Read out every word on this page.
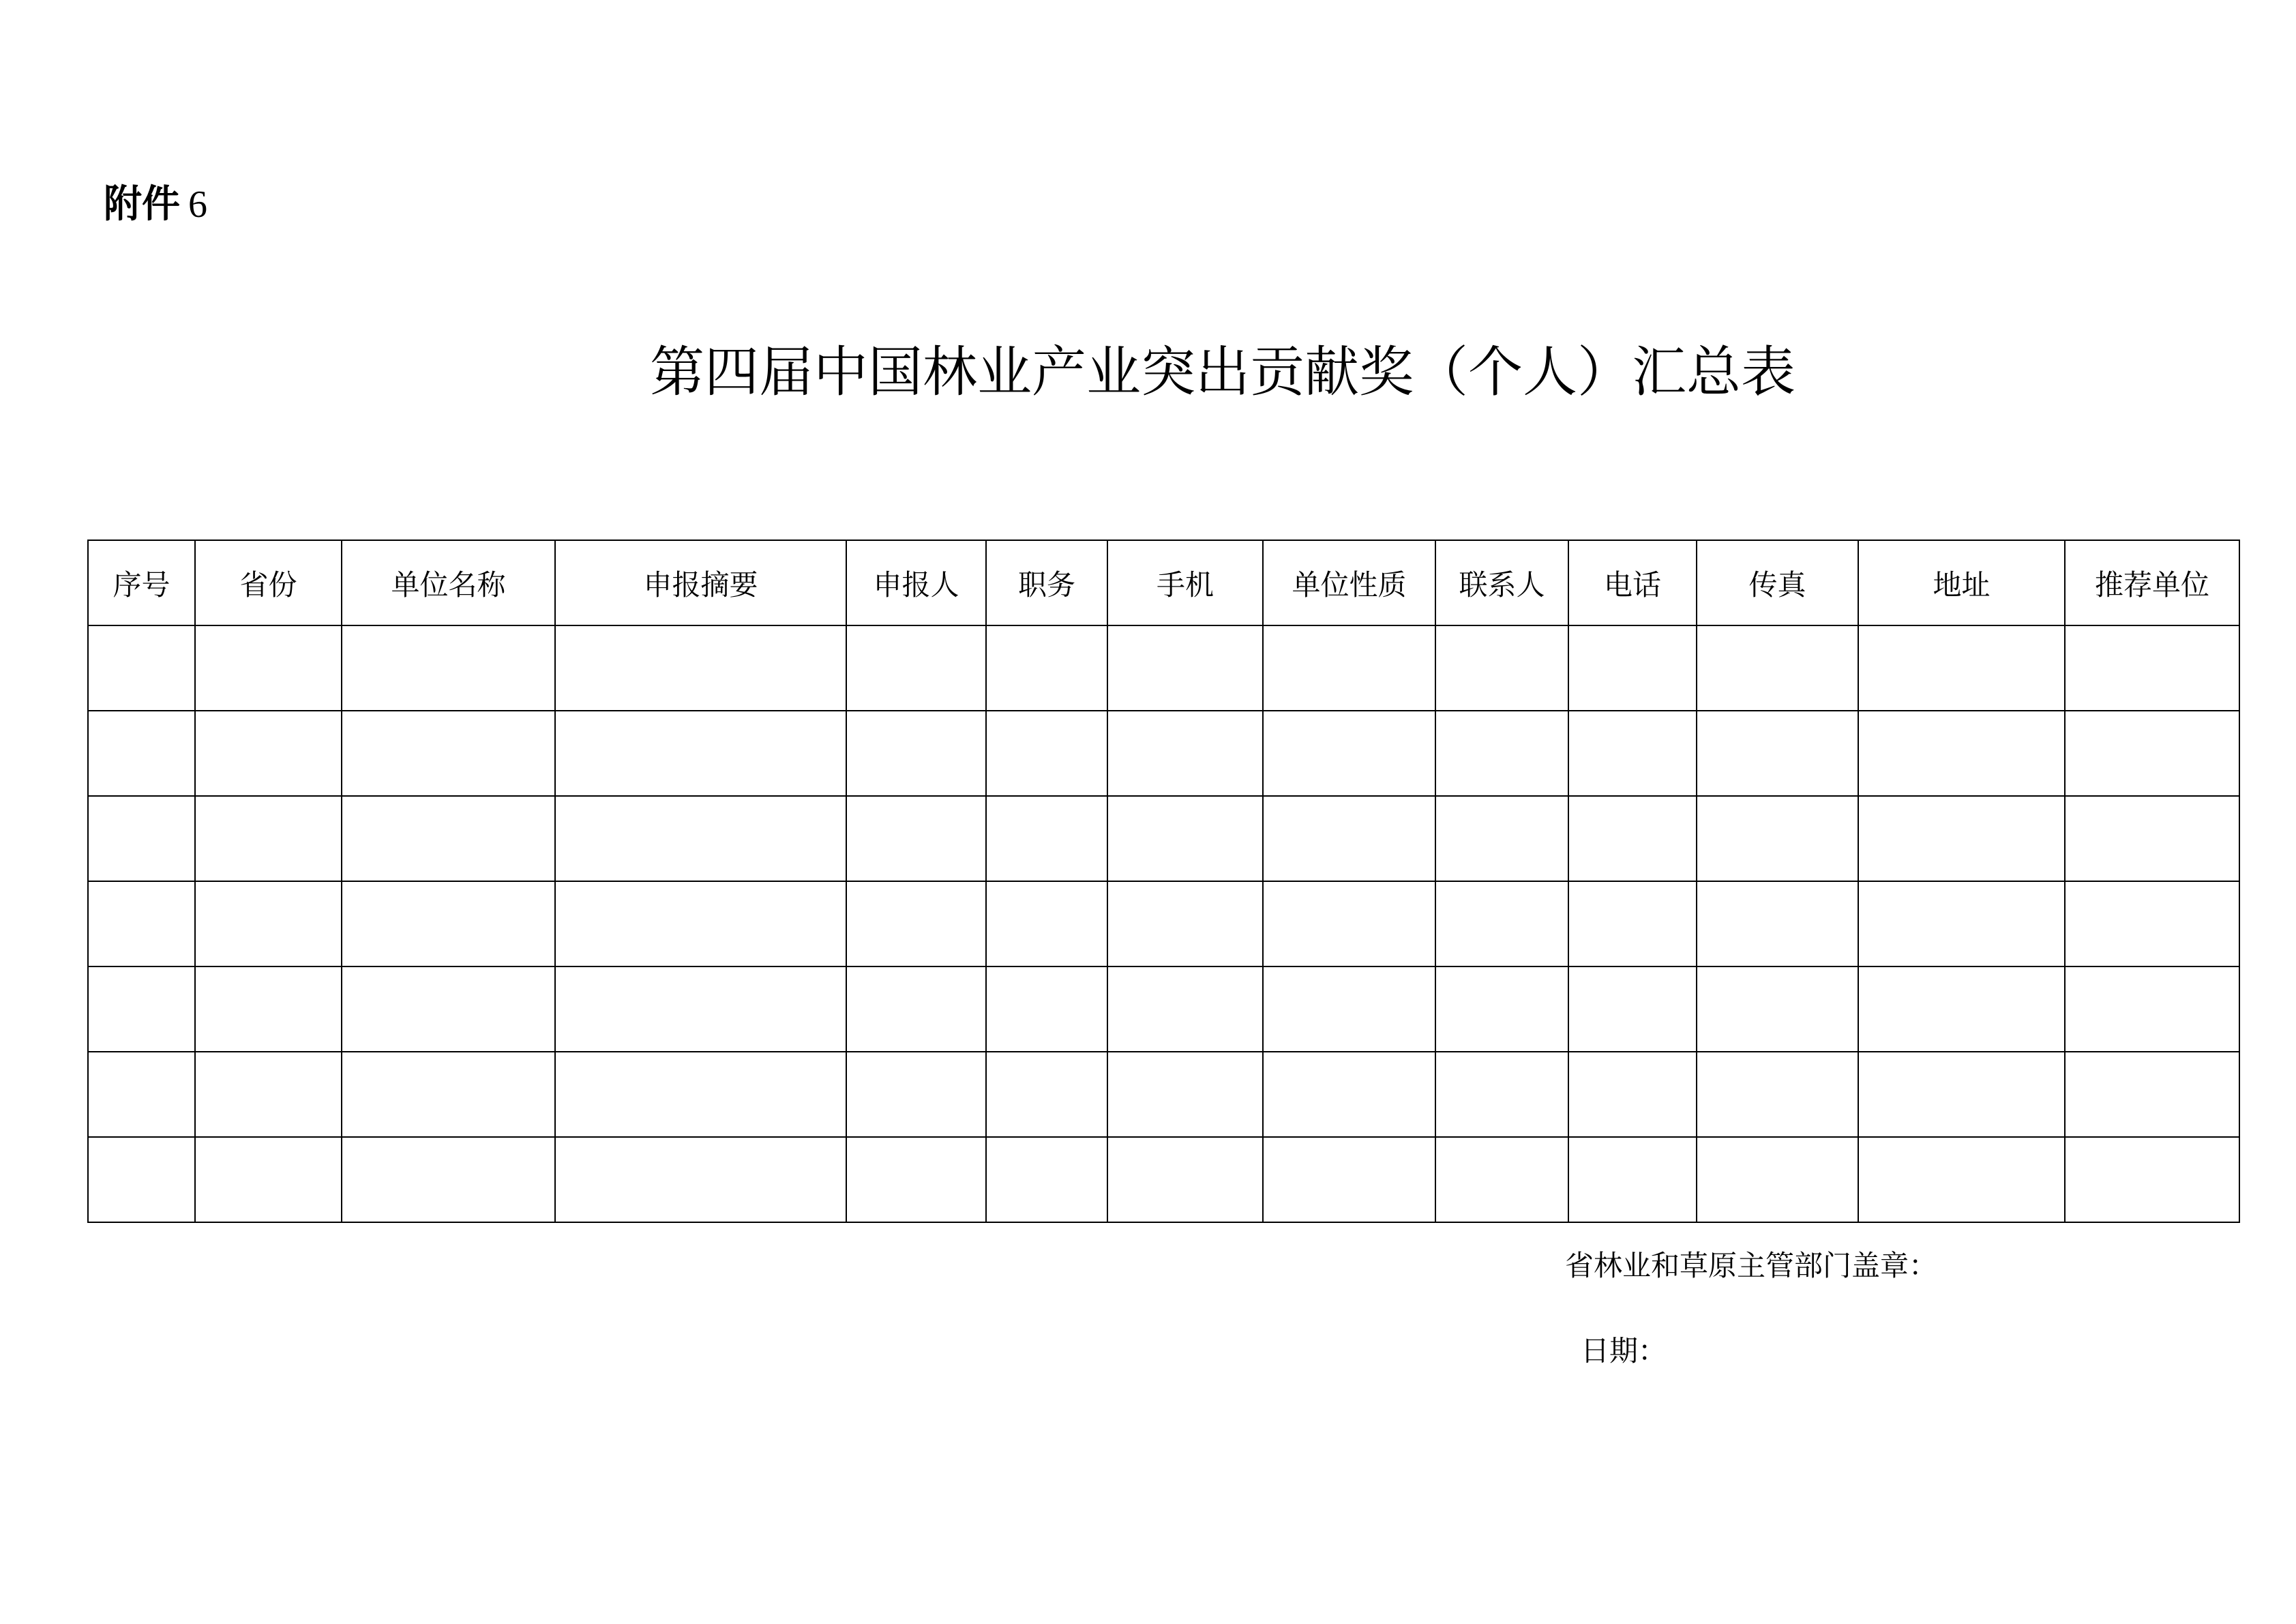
附件 6
第四届中国林业产业突出贡献奖（个人）汇总表
序号	省份	单位名称	申报摘要	申报人	职务	手机	单位性质	联系人	电话	传真	地址	推荐单位

省林业和草原主管部门盖章：
日期：
